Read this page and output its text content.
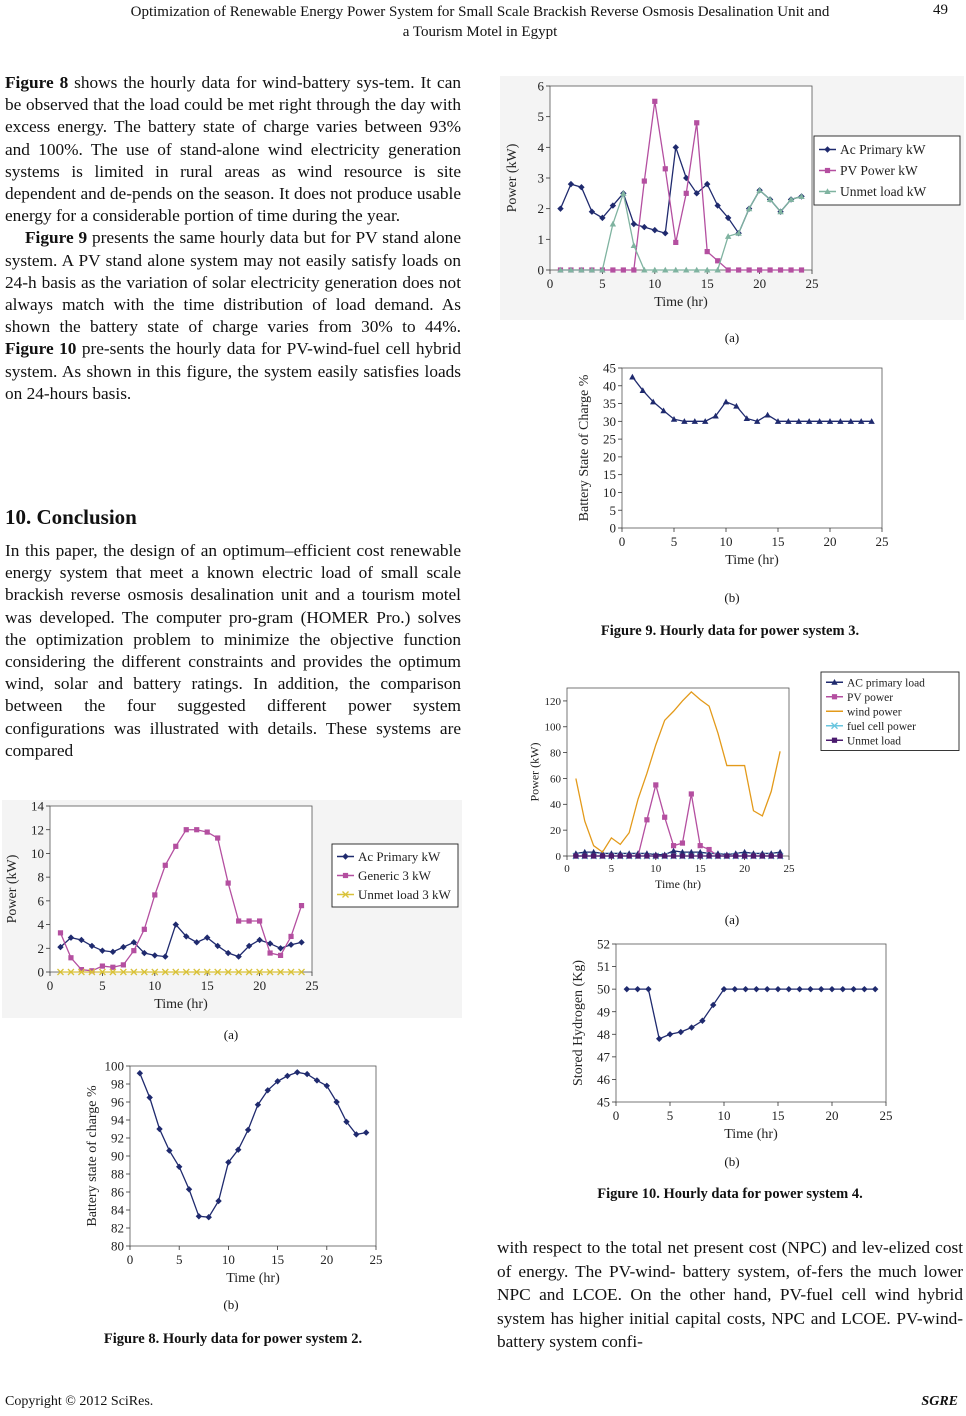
Optimization of Renewable Energy Power System for Small Scale Brackish Reverse Osmosis Desalination Unit and
a Tourism Motel in Egypt
49

Figure 8 shows the hourly data for wind-battery sys-tem. It can be observed that the load could be met right through the day with excess energy. The battery state of charge varies between 93% and 100%. The use of stand-alone wind electricity generation systems is limited in rural areas as wind resource is site dependent and de-pends on the season. It does not produce usable energy for a considerable portion of time during the year.

Figure 9 presents the same hourly data but for PV stand alone system. A PV stand alone system may not easily satisfy loads on 24-h basis as the variation of solar electricity generation does not always match with the time distribution of load demand. As shown the battery state of charge varies from 30% to 44%. Figure 10 pre-sents the hourly data for PV-wind-fuel cell hybrid system. As shown in this figure, the system easily satisfies loads on 24-hours basis.

10. Conclusion

In this paper, the design of an optimum–efficient cost renewable energy system that meet a known electric load of small scale brackish reverse osmosis desalination unit and a tourism motel was developed. The computer pro-gram (HOMER Pro.) solves the optimization problem to minimize the objective function considering the different constraints and provides the optimum wind, solar and battery ratings. In addition, the comparison between the four suggested different power system configurations was illustrated with details. These systems are compared

with respect to the total net present cost (NPC) and lev-elized cost of energy. The PV-wind- battery system, of-fers the much lower NPC and LCOE. On the other hand, PV-fuel cell wind hybrid system has higher initial capital costs, NPC and LCOE. PV-wind-battery system confi-

0
2
4
6
8
10
12
14
0	5	10	15	20	25
Time (hr)
Power (kW)	Ac Primary kW
Generic 3 kW
Unmet load 3 kW
(a)
80
82
84
86
88
90
92
94
96
98
100
0	5	10	15	20	25
Time (hr)
Battery state of charge %
(b)
Figure 8. Hourly data for power system 2.
0
1
2
3
4
5
6
0	5	10	15	20	25
Time (hr)
Power (kW)	Ac Primary kW
PV Power kW
Unmet load kW
(a)
0
5
10
15
20
25
30
35
40
45
0	5	10	15	20	25
Time (hr)
Battery State of Charge %
(b)
Figure 9. Hourly data for power system 3.
0
20
40
60
80
100
120
0	5	10	15	20	25
Time (hr)
Power (kW)
AC primary load
PV power
wind power
fuel cell power
Unmet load
(a)
45
46
47
48
49
50
51
52
0	5	10	15	20	25
Time (hr)
Stored Hydrogen (Kg)
(b)
Figure 10. Hourly data for power system 4.
Copyright © 2012 SciRes.	SGRE
